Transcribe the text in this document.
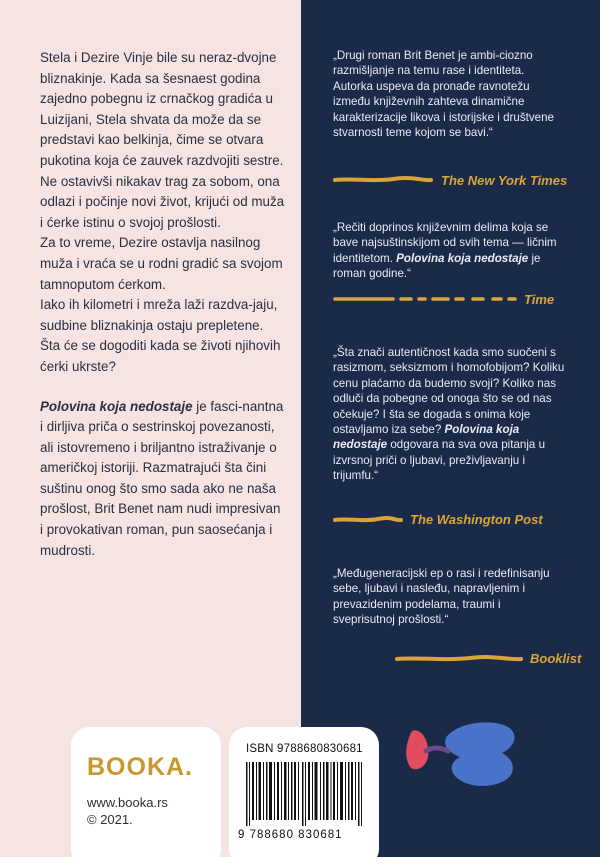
Stela i Dezire Vinje bile su neraz-dvojne bliznakinje. Kada sa šesnaest godina zajedno pobegnu iz crnačkog gradića u Luizijani, Stela shvata da može da se predstavi kao belkinja, čime se otvara pukotina koja će zauvek razdvojiti sestre. Ne ostavivši nikakav trag za sobom, ona odlazi i počinje novi život, krijući od muža i ćerke istinu o svojoj prošlosti.

Za to vreme, Dezire ostavlja nasilnog muža i vraća se u rodni gradić sa svojom tamnoputom ćerkom.

Iako ih kilometri i mreža laži razdva-jaju, sudbine bliznakinja ostaju prepletene. Šta će se dogoditi kada se životi njihovih ćerki ukrste?

Polovina koja nedostaje je fasci-nantna i dirljiva priča o sestrinskoj povezanosti, ali istovremeno i briljantno istraživanje o američkoj istoriji. Razmatrajući šta čini suštinu onog što smo sada ako ne naša prošlost, Brit Benet nam nudi impresivan i provokativan roman, pun saosećanja i mudrosti.

„Drugi roman Brit Benet je ambi-ciozno razmišljanje na temu rase i identiteta. Autorka uspeva da pronađe ravnotežu između književnih zahteva dinamične karakterizacije likova i istorijske i društvene stvarnosti teme kojom se bavi.“
The New York Times
„Rečiti doprinos književnim delima koja se bave najsuštinskijom od svih tema — ličnim identitetom. Polovina koja nedostaje je roman godine.“
Time
„Šta znači autentičnost kada smo suočeni s rasizmom, seksizmom i homofobijom? Koliku cenu plaćamo da budemo svoji? Koliko nas odluči da pobegne od onoga što se od nas očekuje? I šta se dogada s onima koje ostavljamo iza sebe? Polovina koja nedostaje odgovara na sva ova pitanja u izvrsnoj priči o ljubavi, preživljavanju i trijumfu.“
The Washington Post
„Međugeneracijski ep o rasi i redefinisanju sebe, ljubavi i nasleđu, napravljenim i prevazidenim podelama, traumi i sveprisutnoj prošlosti.“
Booklist
BOOKA.
www.booka.rs
© 2021.
ISBN 9788680830681
9 788680 830681
